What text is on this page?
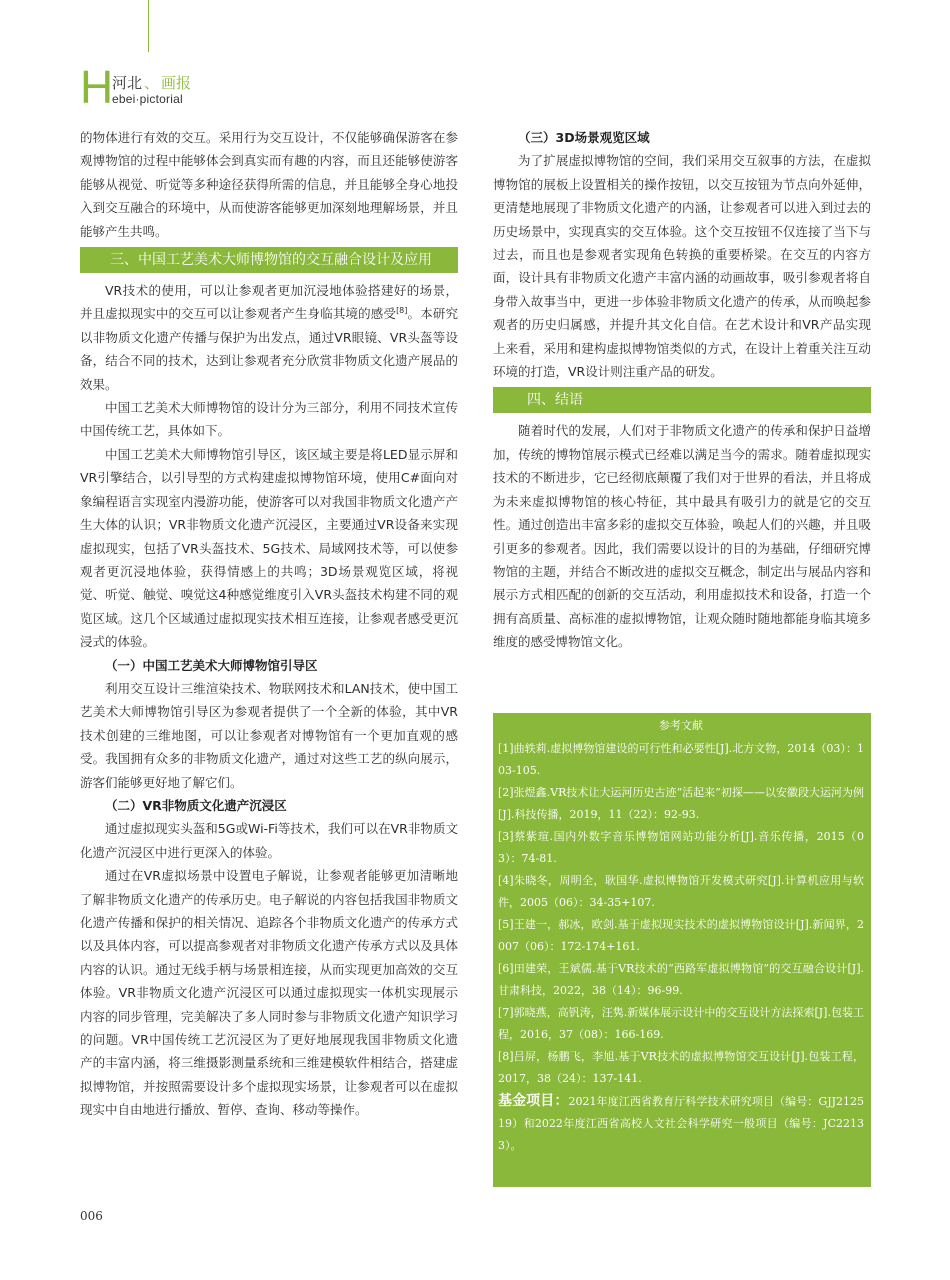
H
河北 、 画报
ebei·pictorial

的物体进行有效的交互。采用行为交互设计，不仅能够确保游客在参观博物馆的过程中能够体会到真实而有趣的内容，而且还能够使游客能够从视觉、听觉等多种途径获得所需的信息，并且能够全身心地投入到交互融合的环境中，从而使游客能够更加深刻地理解场景，并且能够产生共鸣。

三、中国工艺美术大师博物馆的交互融合设计及应用

VR技术的使用，可以让参观者更加沉浸地体验搭建好的场景，并且虚拟现实中的交互可以让参观者产生身临其境的感受[8]。本研究以非物质文化遗产传播与保护为出发点，通过VR眼镜、VR头盔等设备，结合不同的技术，达到让参观者充分欣赏非物质文化遗产展品的效果。

中国工艺美术大师博物馆的设计分为三部分，利用不同技术宣传中国传统工艺，具体如下。

中国工艺美术大师博物馆引导区，该区域主要是将LED显示屏和VR引擎结合，以引导型的方式构建虚拟博物馆环境，使用C#面向对象编程语言实现室内漫游功能，使游客可以对我国非物质文化遗产产生大体的认识；VR非物质文化遗产沉浸区，主要通过VR设备来实现虚拟现实，包括了VR头盔技术、5G技术、局域网技术等，可以使参观者更沉浸地体验，获得情感上的共鸣；3D场景观览区域，将视觉、听觉、触觉、嗅觉这4种感觉维度引入VR头盔技术构建不同的观览区域。这几个区域通过虚拟现实技术相互连接，让参观者感受更沉浸式的体验。

（一）中国工艺美术大师博物馆引导区

利用交互设计三维渲染技术、物联网技术和LAN技术，使中国工艺美术大师博物馆引导区为参观者提供了一个全新的体验，其中VR技术创建的三维地图，可以让参观者对博物馆有一个更加直观的感受。我国拥有众多的非物质文化遗产，通过对这些工艺的纵向展示，游客们能够更好地了解它们。

（二）VR非物质文化遗产沉浸区

通过虚拟现实头盔和5G或Wi-Fi等技术，我们可以在VR非物质文化遗产沉浸区中进行更深入的体验。

通过在VR虚拟场景中设置电子解说，让参观者能够更加清晰地了解非物质文化遗产的传承历史。电子解说的内容包括我国非物质文化遗产传播和保护的相关情况、追踪各个非物质文化遗产的传承方式以及具体内容，可以提高参观者对非物质文化遗产传承方式以及具体内容的认识。通过无线手柄与场景相连接，从而实现更加高效的交互体验。VR非物质文化遗产沉浸区可以通过虚拟现实一体机实现展示内容的同步管理，完美解决了多人同时参与非物质文化遗产知识学习的问题。VR中国传统工艺沉浸区为了更好地展现我国非物质文化遗产的丰富内涵，将三维摄影测量系统和三维建模软件相结合，搭建虚拟博物馆，并按照需要设计多个虚拟现实场景，让参观者可以在虚拟现实中自由地进行播放、暂停、查询、移动等操作。

（三）3D场景观览区域

为了扩展虚拟博物馆的空间，我们采用交互叙事的方法，在虚拟博物馆的展板上设置相关的操作按钮，以交互按钮为节点向外延伸，更清楚地展现了非物质文化遗产的内涵，让参观者可以进入到过去的历史场景中，实现真实的交互体验。这个交互按钮不仅连接了当下与过去，而且也是参观者实现角色转换的重要桥梁。在交互的内容方面，设计具有非物质文化遗产丰富内涵的动画故事，吸引参观者将自身带入故事当中，更进一步体验非物质文化遗产的传承，从而唤起参观者的历史归属感，并提升其文化自信。在艺术设计和VR产品实现上来看，采用和建构虚拟博物馆类似的方式，在设计上着重关注互动环境的打造，VR设计则注重产品的研发。

四、结语

随着时代的发展，人们对于非物质文化遗产的传承和保护日益增加，传统的博物馆展示模式已经难以满足当今的需求。随着虚拟现实技术的不断进步，它已经彻底颠覆了我们对于世界的看法，并且将成为未来虚拟博物馆的核心特征，其中最具有吸引力的就是它的交互性。通过创造出丰富多彩的虚拟交互体验，唤起人们的兴趣，并且吸引更多的参观者。因此，我们需要以设计的目的为基础，仔细研究博物馆的主题，并结合不断改进的虚拟交互概念，制定出与展品内容和展示方式相匹配的创新的交互活动，利用虚拟技术和设备，打造一个拥有高质量、高标准的虚拟博物馆，让观众随时随地都能身临其境多维度的感受博物馆文化。

参考文献

[1]曲轶莉.虚拟博物馆建设的可行性和必要性[J].北方文物，2014（03）：103-105.

[2]张煜鑫.VR技术让大运河历史古迹“活起来”初探——以安徽段大运河为例[J].科技传播，2019，11（22）：92-93.

[3]蔡紫瑄.国内外数字音乐博物馆网站功能分析[J].音乐传播，2015（03）：74-81.

[4]朱晓冬，周明全，耿国华.虚拟博物馆开发模式研究[J].计算机应用与软件，2005（06）：34-35+107.

[5]王建一，郝冰，欧剑.基于虚拟现实技术的虚拟博物馆设计[J].新闻界，2007（06）：172-174+161.

[6]田建荣，王斌儒.基于VR技术的“西路军虚拟博物馆”的交互融合设计[J].甘肃科技，2022，38（14）：96-99.

[7]郭晓燕，高钒涛，汪隽.新媒体展示设计中的交互设计方法探索[J].包装工程，2016，37（08）：166-169.

[8]吕屏，杨鹏飞，李旭.基于VR技术的虚拟博物馆交互设计[J].包装工程，2017，38（24）：137-141.

基金项目：2021年度江西省教育厅科学技术研究项目（编号：GJJ212519）和2022年度江西省高校人文社会科学研究一般项目（编号：JC22133）。

006
